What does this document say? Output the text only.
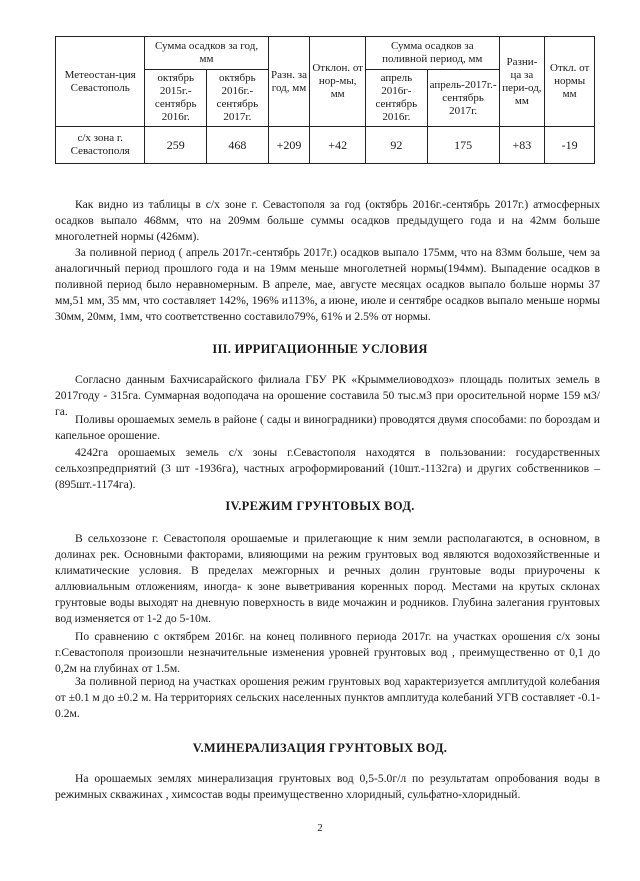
Метеостан-ция Севастополь	Сумма осадков за год, мм		Разн. за год, мм	Отклон. от нор-мы, мм	Сумма осадков за поливной период, мм		Разни-ца за пери-од, мм	Откл. от нормы мм
	октябрь 2015г.-сентябрь 2016г.	октябрь 2016г.-сентябрь 2017г.			апрель 2016г-сентябрь 2016г.	апрель-2017г.-сентябрь 2017г.		
с/х зона г. Севастополя	259	468	+209	+42	92	175	+83	-19

Как видно из таблицы в с/х зоне г. Севастополя за год (октябрь 2016г.-сентябрь 2017г.) атмосферных осадков выпало 468мм, что на 209мм больше суммы осадков предыдущего года и на 42мм больше многолетней нормы (426мм).

За поливной период ( апрель 2017г.-сентябрь 2017г.) осадков выпало 175мм, что на 83мм больше, чем за аналогичный период прошлого года и на 19мм меньше многолетней нормы(194мм). Выпадение осадков в поливной период было неравномерным. В апреле, мае, августе месяцах осадков выпало больше нормы 37 мм,51 мм, 35 мм, что составляет 142%, 196% и113%, а июне, июле и сентябре осадков выпало меньше нормы 30мм, 20мм, 1мм, что соответственно составило79%, 61% и 2.5% от нормы.

III. ИРРИГАЦИОННЫЕ УСЛОВИЯ

Согласно данным Бахчисарайского филиала ГБУ РК «Крыммелиоводхоз» площадь политых земель в 2017году - 315га. Суммарная водоподача на орошение составила 50 тыс.м3 при оросительной норме 159 м3/га.

Поливы орошаемых земель в районе ( сады и виноградники) проводятся двумя способами: по бороздам и капельное орошение.

4242га орошаемых земель с/х зоны г.Севастополя находятся в пользовании: государственных сельхозпредприятий (3 шт -1936га), частных агроформирований (10шт.-1132га) и других собственников – (895шт.-1174га).

IV.РЕЖИМ ГРУНТОВЫХ ВОД.

В сельхоззоне г. Севастополя орошаемые и прилегающие к ним земли располагаются, в основном, в долинах рек. Основными факторами, влияющими на режим грунтовых вод являются водохозяйственные и климатические условия. В пределах межгорных и речных долин грунтовые воды приурочены к аллювиальным отложениям, иногда- к зоне выветривания коренных пород. Местами на крутых склонах грунтовые воды выходят на дневную поверхность в виде мочажин и родников. Глубина залегания грунтовых вод изменяется от 1-2 до 5-10м.

По сравнению с октябрем 2016г. на конец поливного периода 2017г. на участках орошения с/х зоны г.Севастополя произошли незначительные изменения уровней грунтовых вод , преимущественно от 0,1 до 0,2м на глубинах от 1.5м.

За поливной период на участках орошения режим грунтовых вод характеризуется амплитудой колебания от ±0.1 м до ±0.2 м. На территориях сельских населенных пунктов амплитуда колебаний УГВ составляет -0.1-0.2м.

V.МИНЕРАЛИЗАЦИЯ ГРУНТОВЫХ ВОД.

На орошаемых землях минерализация грунтовых вод 0,5-5.0г/л по результатам опробования воды в режимных скважинах , химсостав воды преимущественно хлоридный, сульфатно-хлоридный.

2
